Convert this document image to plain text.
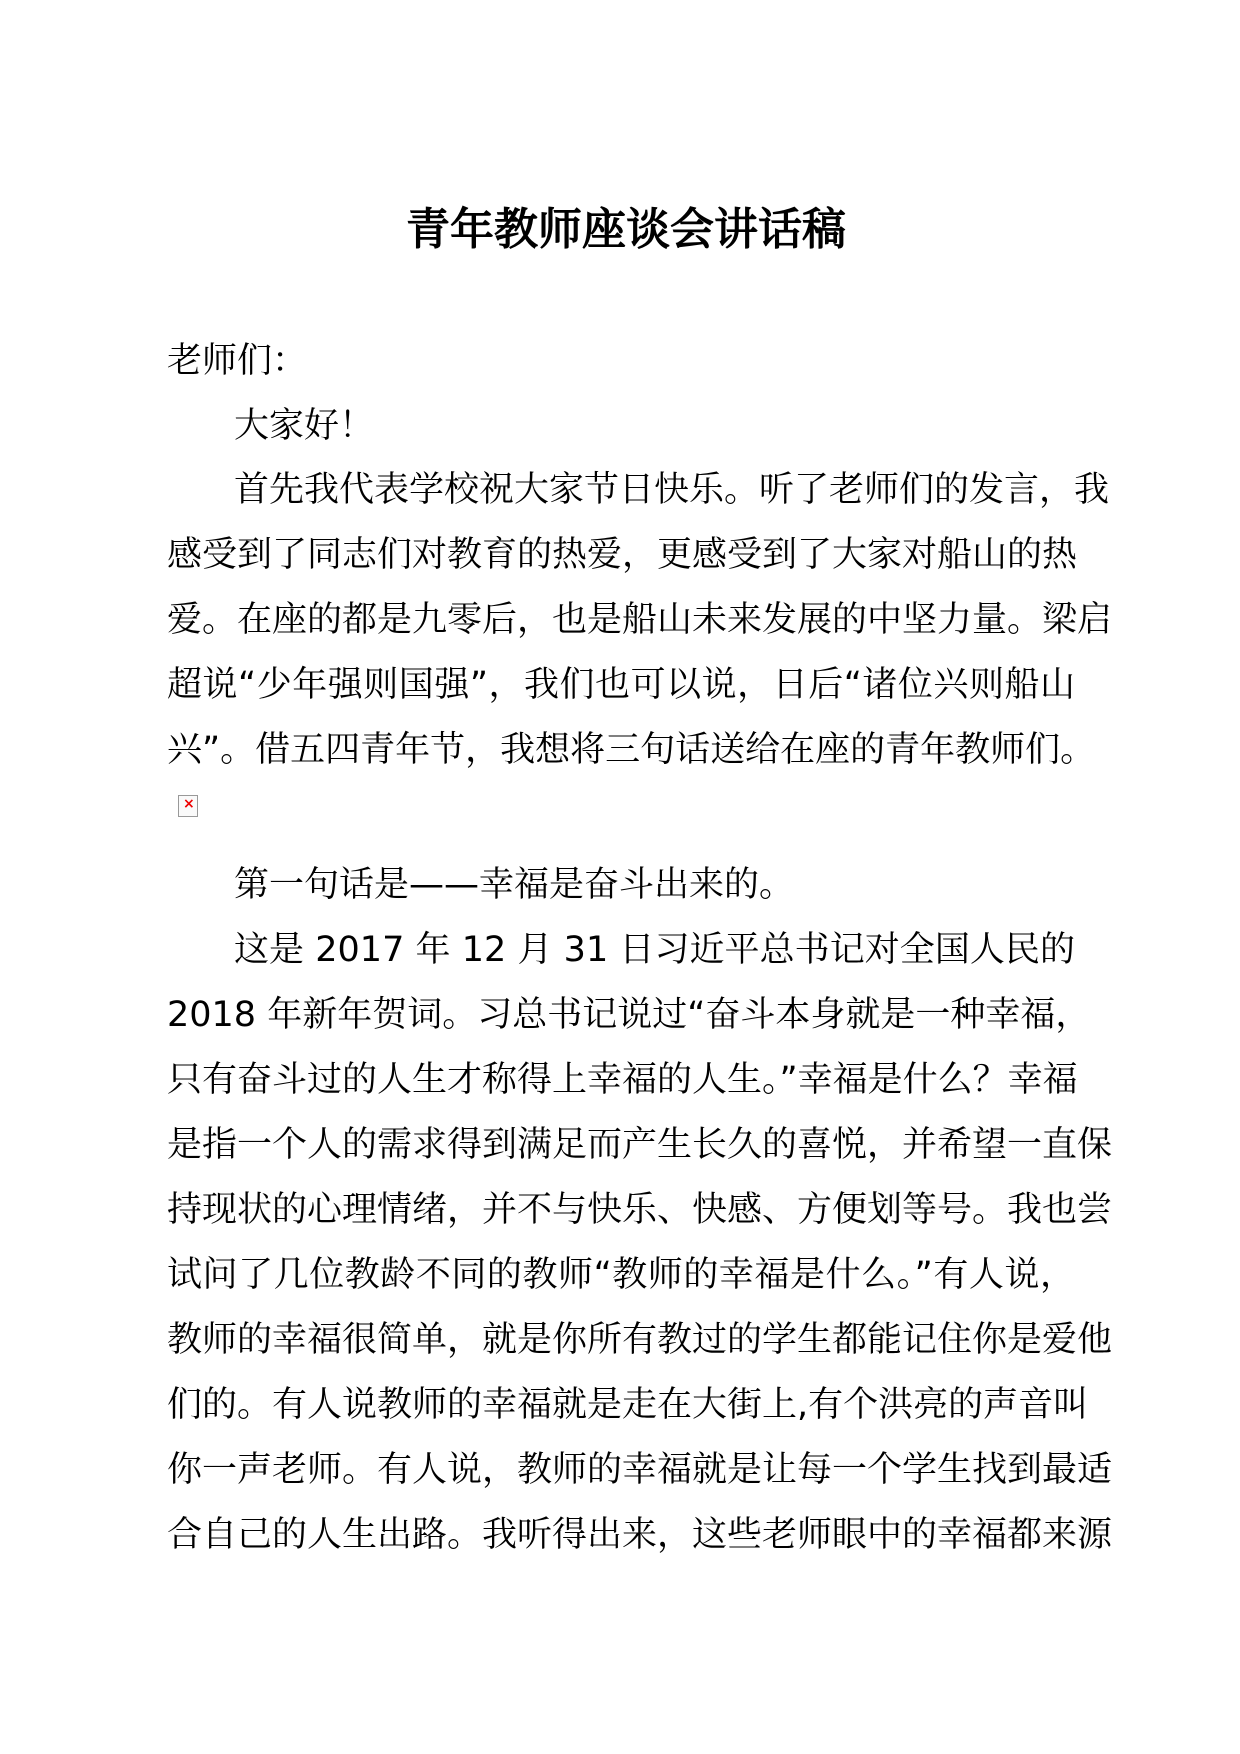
青年教师座谈会讲话稿
老师们：
大家好！
首先我代表学校祝大家节日快乐。听了老师们的发言，我
感受到了同志们对教育的热爱，更感受到了大家对船山的热
爱。在座的都是九零后，也是船山未来发展的中坚力量。梁启
超说“少年强则国强”，我们也可以说，日后“诸位兴则船山
兴”。借五四青年节，我想将三句话送给在座的青年教师们。
×
第一句话是——幸福是奋斗出来的。
这是 2017 年 12 月 31 日习近平总书记对全国人民的
2018 年新年贺词。习总书记说过“奋斗本身就是一种幸福，
只有奋斗过的人生才称得上幸福的人生。”幸福是什么？幸福
是指一个人的需求得到满足而产生长久的喜悦，并希望一直保
持现状的心理情绪，并不与快乐、快感、方便划等号。我也尝
试问了几位教龄不同的教师“教师的幸福是什么。”有人说，
教师的幸福很简单，就是你所有教过的学生都能记住你是爱他
们的。有人说教师的幸福就是走在大街上,有个洪亮的声音叫
你一声老师。有人说，教师的幸福就是让每一个学生找到最适
合自己的人生出路。我听得出来，这些老师眼中的幸福都来源
